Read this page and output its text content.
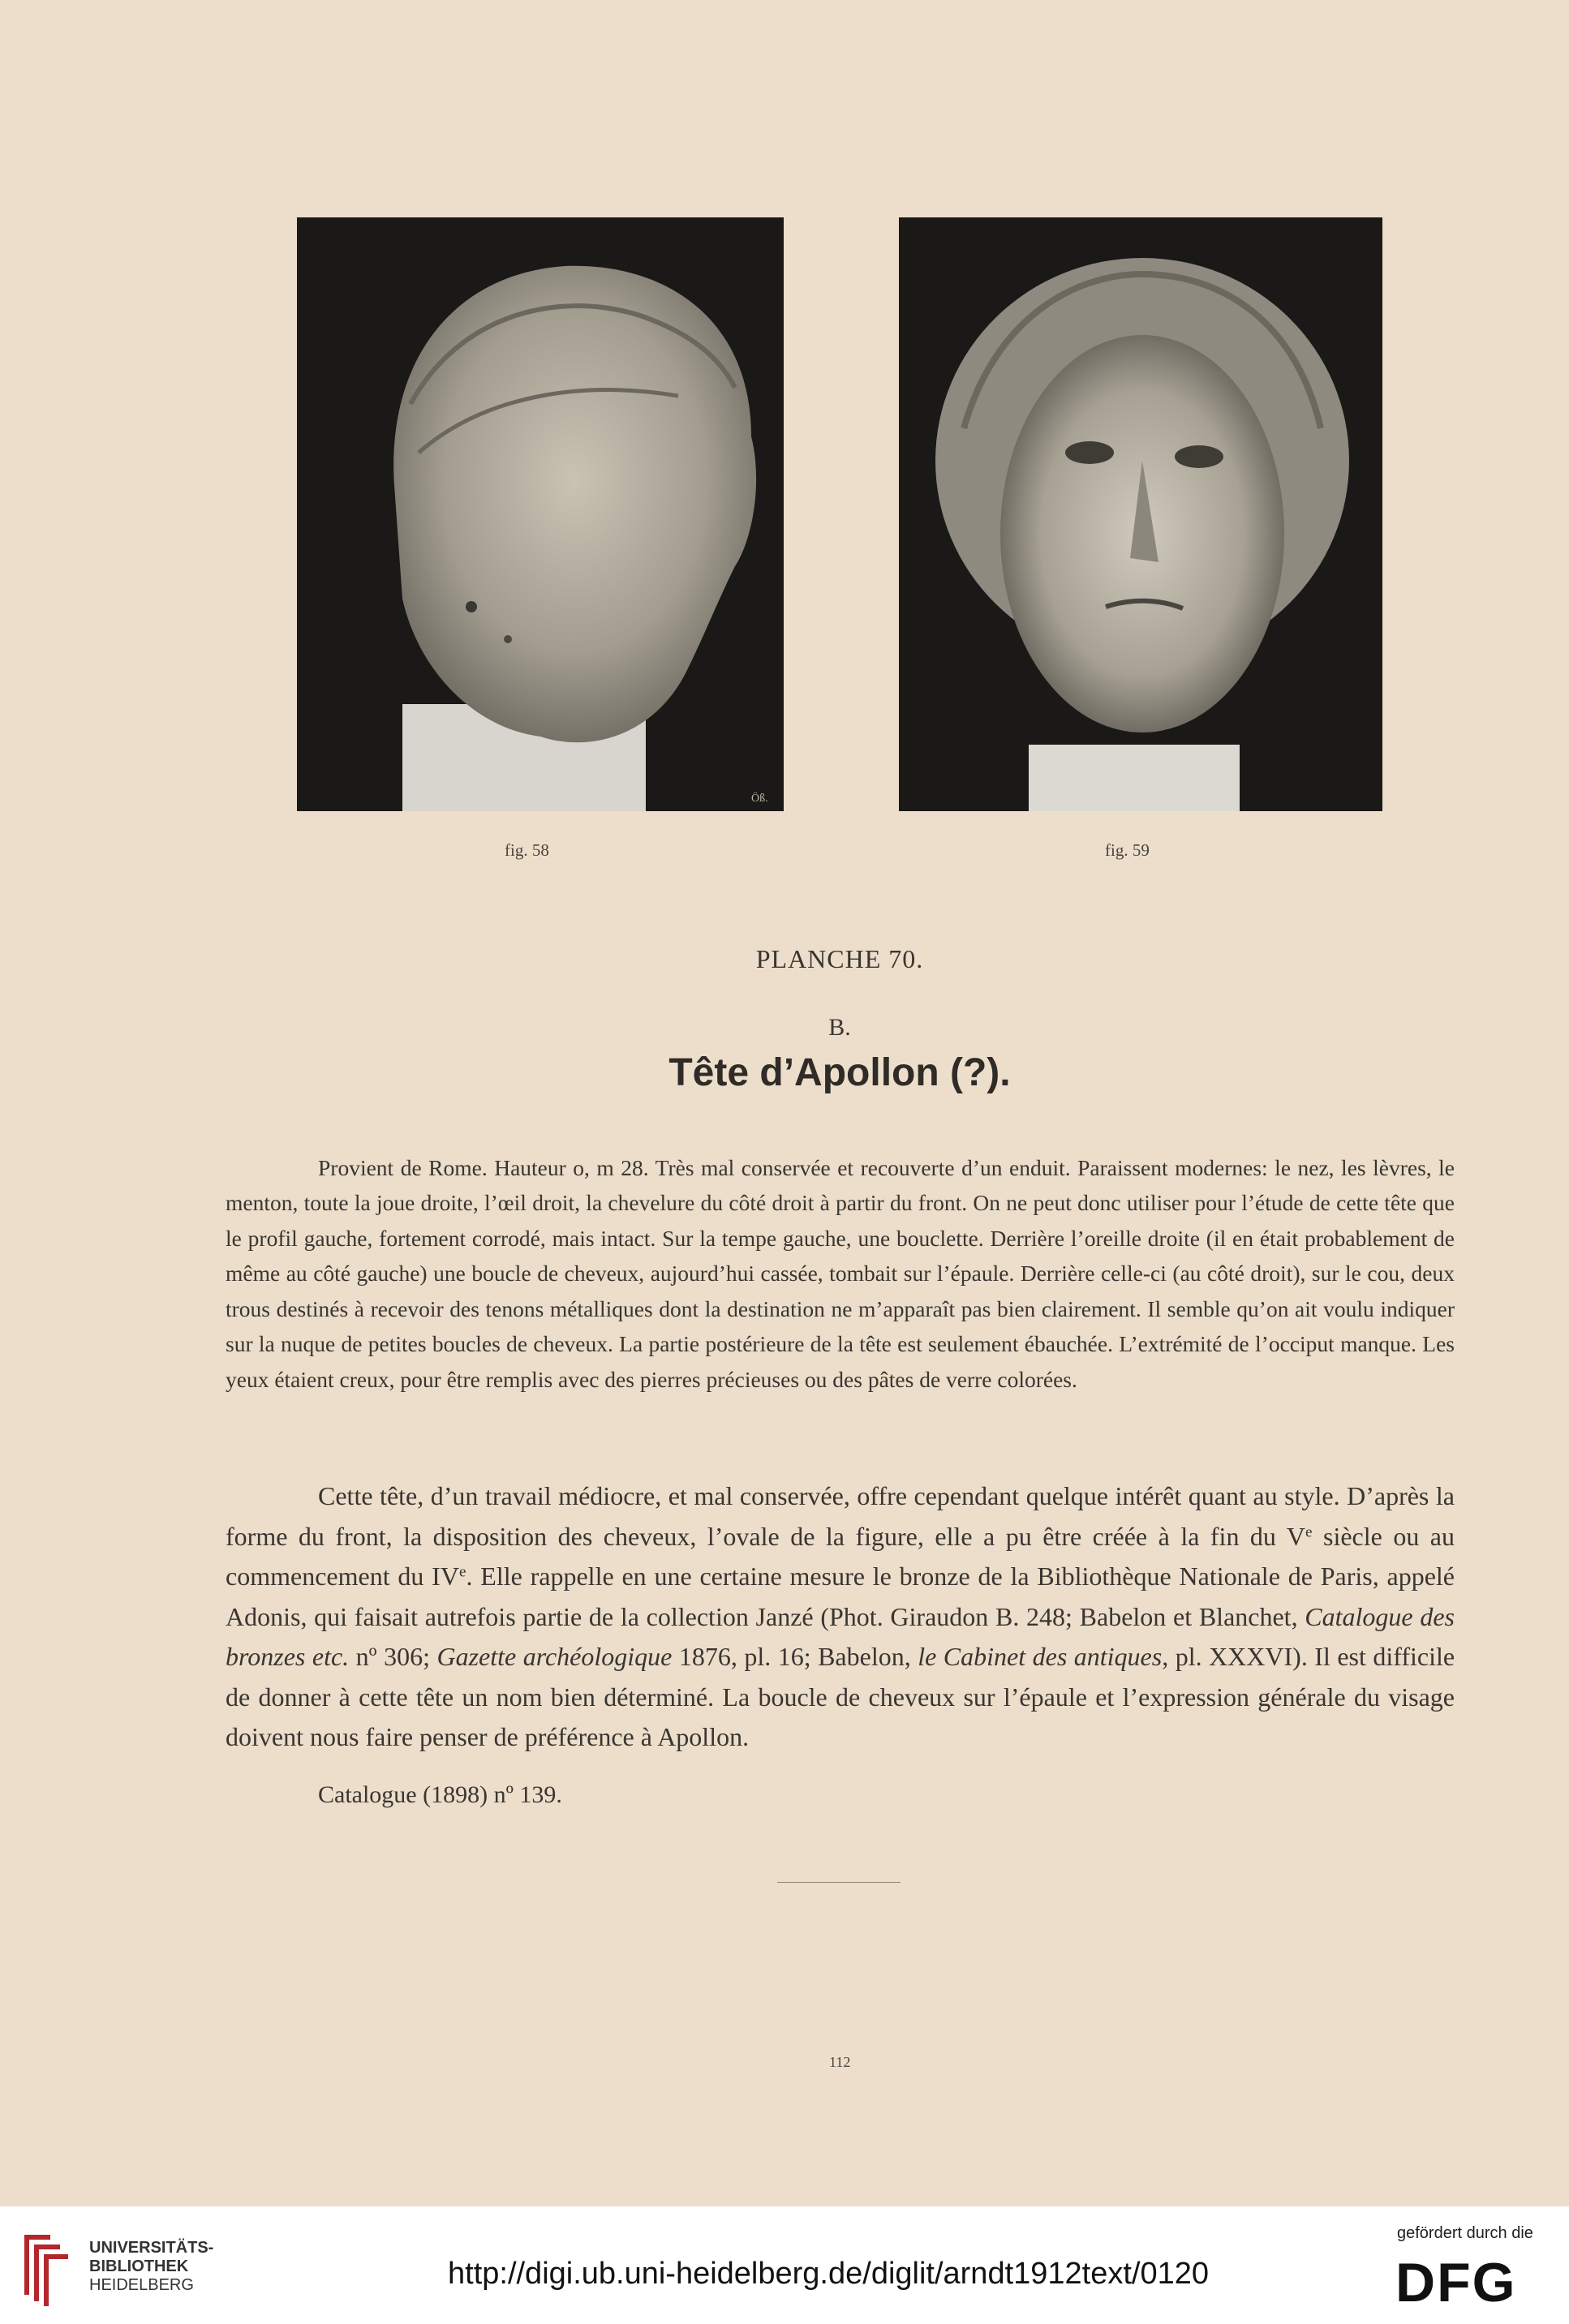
Öß.
fig. 58	fig. 59
PLANCHE 70.
B.
Tête d’Apollon (?).

Provient de Rome. Hauteur o, m 28. Très mal conservée et recouverte d’un enduit. Paraissent modernes: le nez, les lèvres, le menton, toute la joue droite, l’œil droit, la chevelure du côté droit à partir du front. On ne peut donc utiliser pour l’étude de cette tête que le profil gauche, fortement corrodé, mais intact. Sur la tempe gauche, une bouclette. Derrière l’oreille droite (il en était probablement de même au côté gauche) une boucle de cheveux, aujourd’hui cassée, tombait sur l’épaule. Derrière celle-ci (au côté droit), sur le cou, deux trous destinés à recevoir des tenons métalliques dont la destination ne m’apparaît pas bien clairement. Il semble qu’on ait voulu indiquer sur la nuque de petites boucles de cheveux. La partie postérieure de la tête est seulement ébauchée. L’extrémité de l’occiput manque. Les yeux étaient creux, pour être remplis avec des pierres précieuses ou des pâtes de verre colorées.

Cette tête, d’un travail médiocre, et mal conservée, offre cependant quelque intérêt quant au style. D’après la forme du front, la disposition des cheveux, l’ovale de la figure, elle a pu être créée à la fin du Ve siècle ou au commencement du IVe. Elle rappelle en une certaine mesure le bronze de la Bibliothèque Nationale de Paris, appelé Adonis, qui faisait autrefois partie de la collection Janzé (Phot. Giraudon B. 248; Babelon et Blanchet, Catalogue des bronzes etc. nº 306; Gazette archéologique 1876, pl. 16; Babelon, le Cabinet des antiques, pl. XXXVI). Il est difficile de donner à cette tête un nom bien déterminé. La boucle de cheveux sur l’épaule et l’expression générale du visage doivent nous faire penser de préférence à Apollon.

Catalogue (1898) nº 139.
112
UNIVERSITÄTS-
BIBLIOTHEK
HEIDELBERG	http://digi.ub.uni-heidelberg.de/diglit/arndt1912text/0120
gefördert durch die
DFG
